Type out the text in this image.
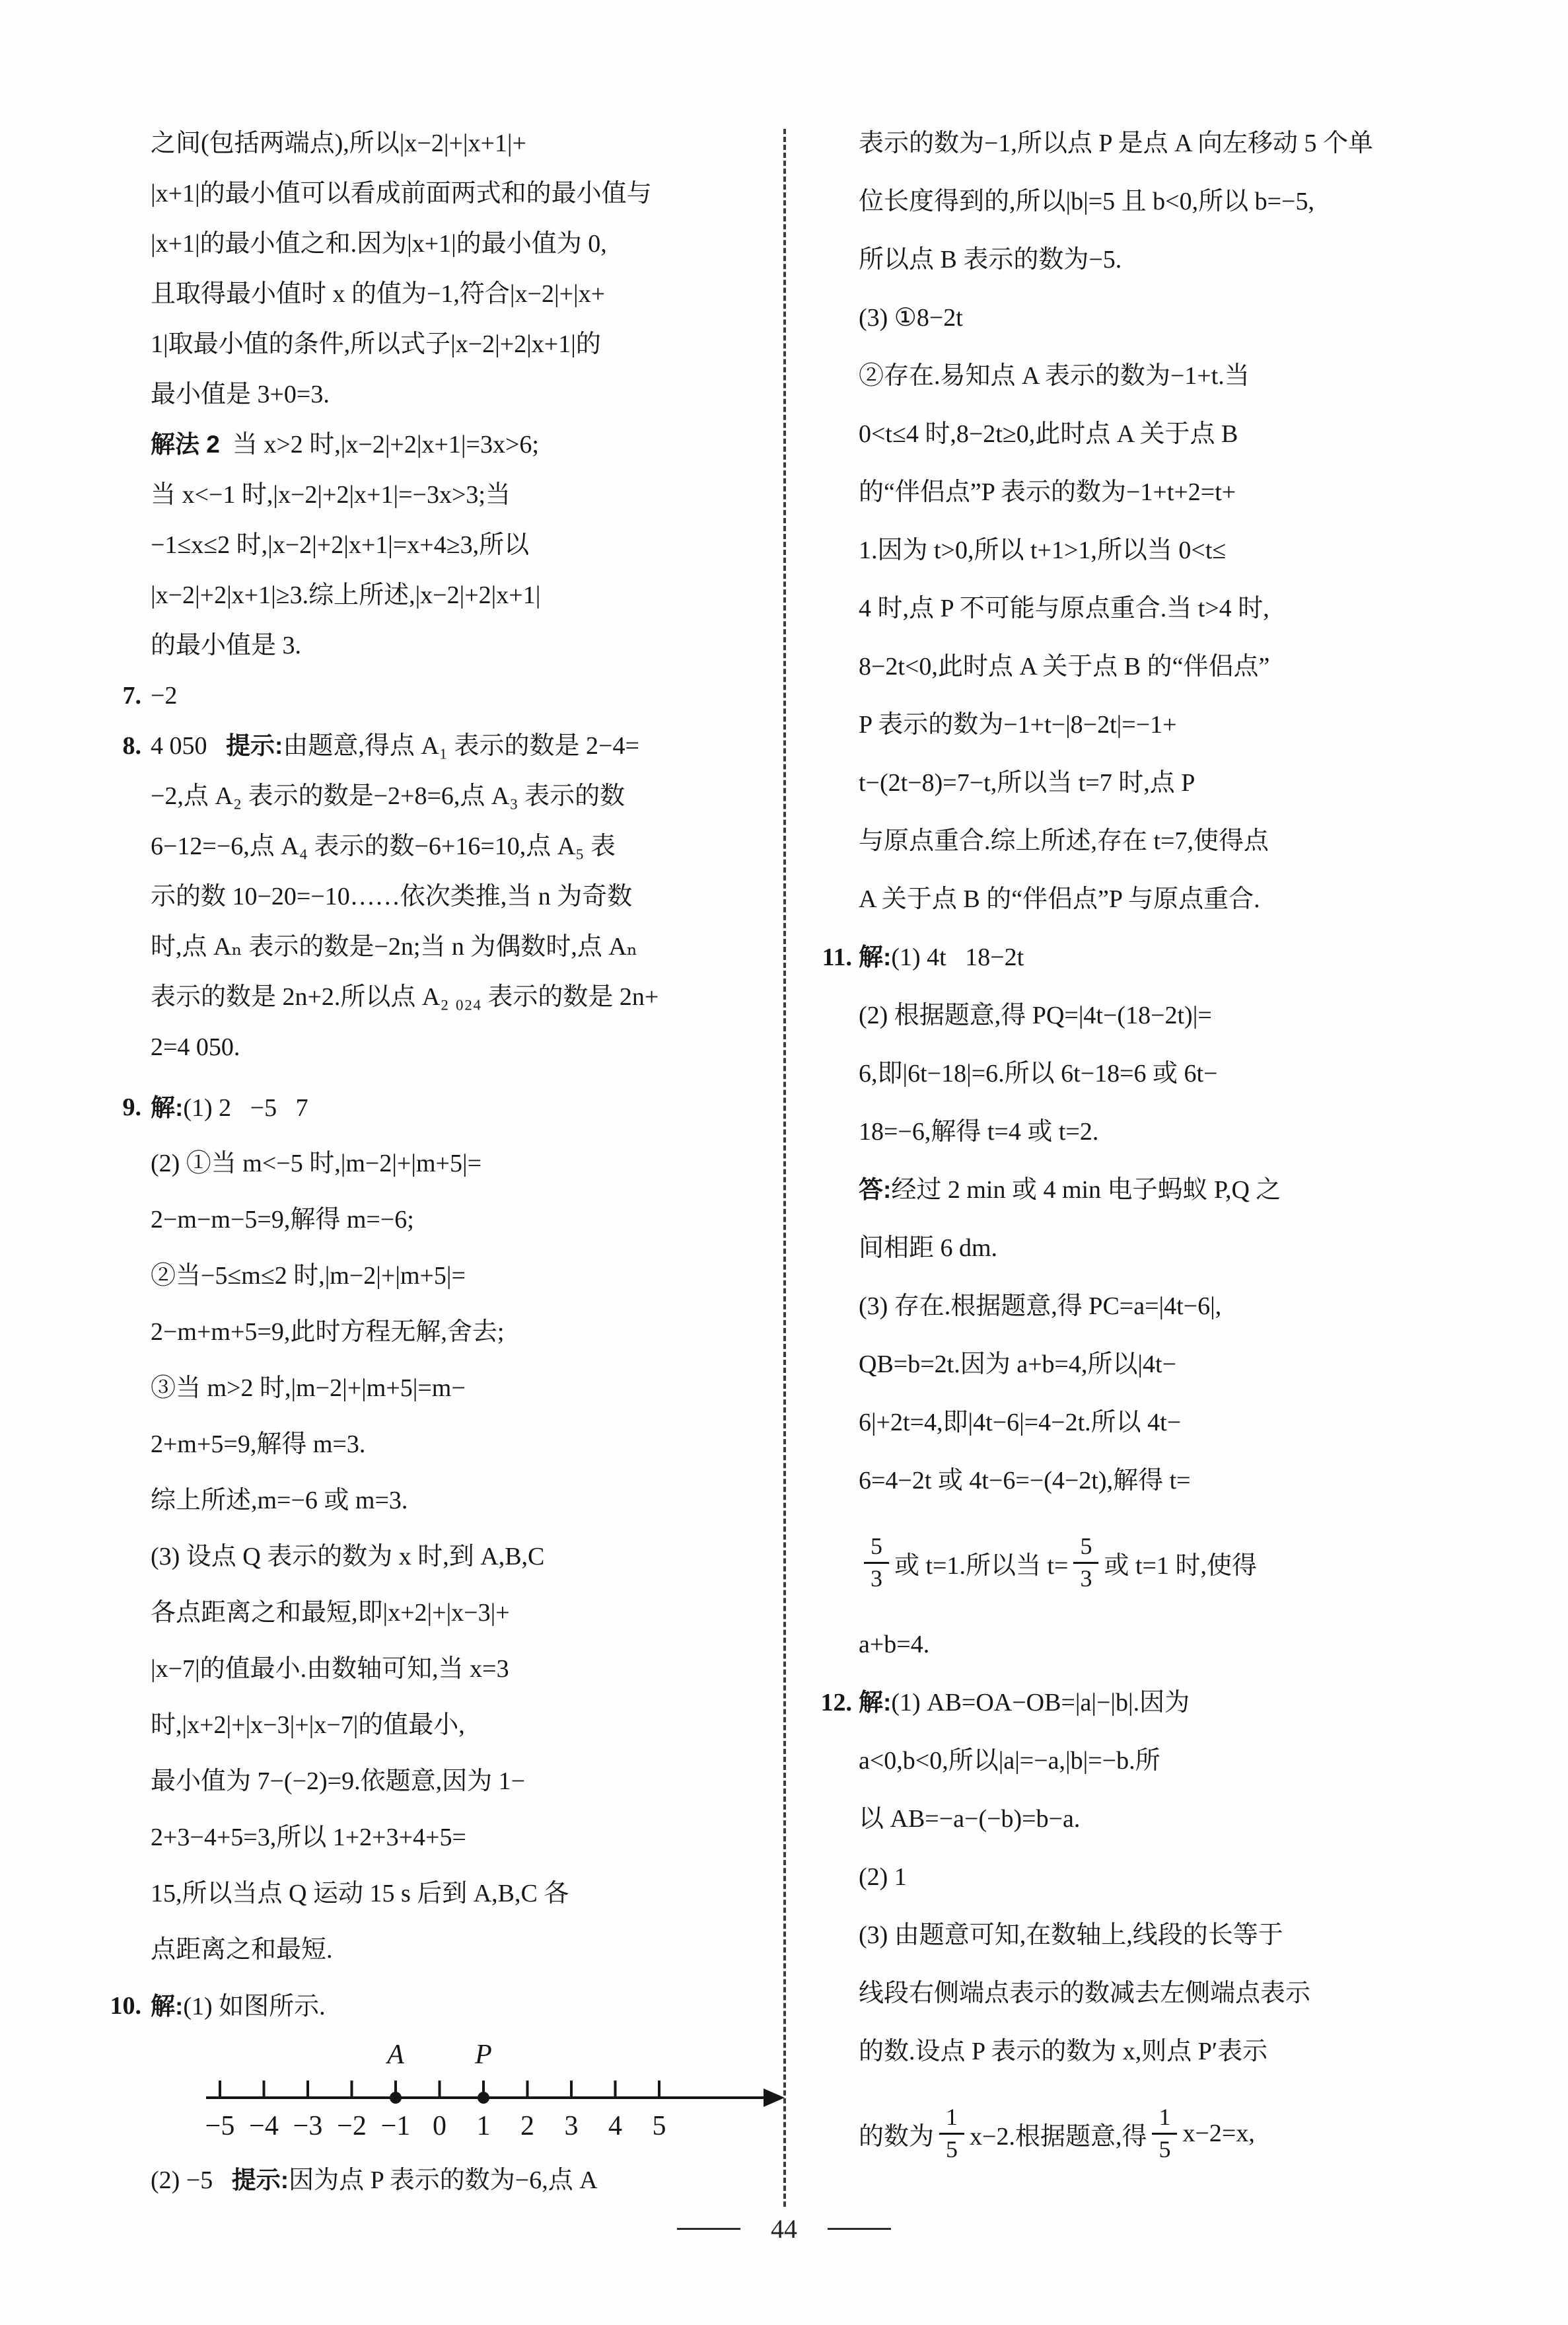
之间(包括两端点),所以|x−2|+|x+1|+
|x+1|的最小值可以看成前面两式和的最小值与
|x+1|的最小值之和.因为|x+1|的最小值为 0,
且取得最小值时 x 的值为−1,符合|x−2|+|x+
1|取最小值的条件,所以式子|x−2|+2|x+1|的
最小值是 3+0=3.
解法 2  当 x>2 时,|x−2|+2|x+1|=3x>6;
当 x<−1 时,|x−2|+2|x+1|=−3x>3;当
−1≤x≤2 时,|x−2|+2|x+1|=x+4≥3,所以
|x−2|+2|x+1|≥3.综上所述,|x−2|+2|x+1|
的最小值是 3.
7. −2
8. 4 050   提示:由题意,得点 A₁ 表示的数是 2−4=
−2,点 A₂ 表示的数是−2+8=6,点 A₃ 表示的数
6−12=−6,点 A₄ 表示的数−6+16=10,点 A₅ 表
示的数 10−20=−10……依次类推,当 n 为奇数
时,点 Aₙ 表示的数是−2n;当 n 为偶数时,点 Aₙ
表示的数是 2n+2.所以点 A₂ ₀₂₄ 表示的数是 2n+
2=4 050.
9. 解:(1) 2   −5   7
(2) ①当 m<−5 时,|m−2|+|m+5|=
2−m−m−5=9,解得 m=−6;
②当−5≤m≤2 时,|m−2|+|m+5|=
2−m+m+5=9,此时方程无解,舍去;
③当 m>2 时,|m−2|+|m+5|=m−
2+m+5=9,解得 m=3.
综上所述,m=−6 或 m=3.
(3) 设点 Q 表示的数为 x 时,到 A,B,C
各点距离之和最短,即|x+2|+|x−3|+
|x−7|的值最小.由数轴可知,当 x=3
时,|x+2|+|x−3|+|x−7|的值最小,
最小值为 7−(−2)=9.依题意,因为 1−
2+3−4+5=3,所以 1+2+3+4+5=
15,所以当点 Q 运动 15 s 后到 A,B,C 各
点距离之和最短.
10. 解:(1) 如图所示.
−5 −4 −3 −2 −1 0 1 2 3 4 5
A	P
(2) −5   提示:因为点 P 表示的数为−6,点 A
表示的数为−1,所以点 P 是点 A 向左移动 5 个单
位长度得到的,所以|b|=5 且 b<0,所以 b=−5,
所以点 B 表示的数为−5.
(3) ①8−2t
②存在.易知点 A 表示的数为−1+t.当
0<t≤4 时,8−2t≥0,此时点 A 关于点 B
的“伴侣点”P 表示的数为−1+t+2=t+
1.因为 t>0,所以 t+1>1,所以当 0<t≤
4 时,点 P 不可能与原点重合.当 t>4 时,
8−2t<0,此时点 A 关于点 B 的“伴侣点”
P 表示的数为−1+t−|8−2t|=−1+
t−(2t−8)=7−t,所以当 t=7 时,点 P
与原点重合.综上所述,存在 t=7,使得点
A 关于点 B 的“伴侣点”P 与原点重合.
11. 解:(1) 4t   18−2t
(2) 根据题意,得 PQ=|4t−(18−2t)|=
6,即|6t−18|=6.所以 6t−18=6 或 6t−
18=−6,解得 t=4 或 t=2.
答:经过 2 min 或 4 min 电子蚂蚁 P,Q 之
间相距 6 dm.
(3) 存在.根据题意,得 PC=a=|4t−6|,
QB=b=2t.因为 a+b=4,所以|4t−
6|+2t=4,即|4t−6|=4−2t.所以 4t−
6=4−2t 或 4t−6=−(4−2t),解得 t=
$\frac{5}{3}$ 或 t=1.所以当 $t= \frac{5}{3}$ 或 t=1 时,使得
a+b=4.
12. 解:(1) AB=OA−OB=|a|−|b|.因为
a<0,b<0,所以|a|=−a,|b|=−b.所
以 AB=−a−(−b)=b−a.
(2) 1
(3) 由题意可知,在数轴上,线段的长等于
线段右侧端点表示的数减去左侧端点表示
的数.设点 P 表示的数为 x,则点 P′表示
的数为 $\frac{1}{5} x-2$.根据题意,得 $\frac{1}{5} x-2=x$,
44
